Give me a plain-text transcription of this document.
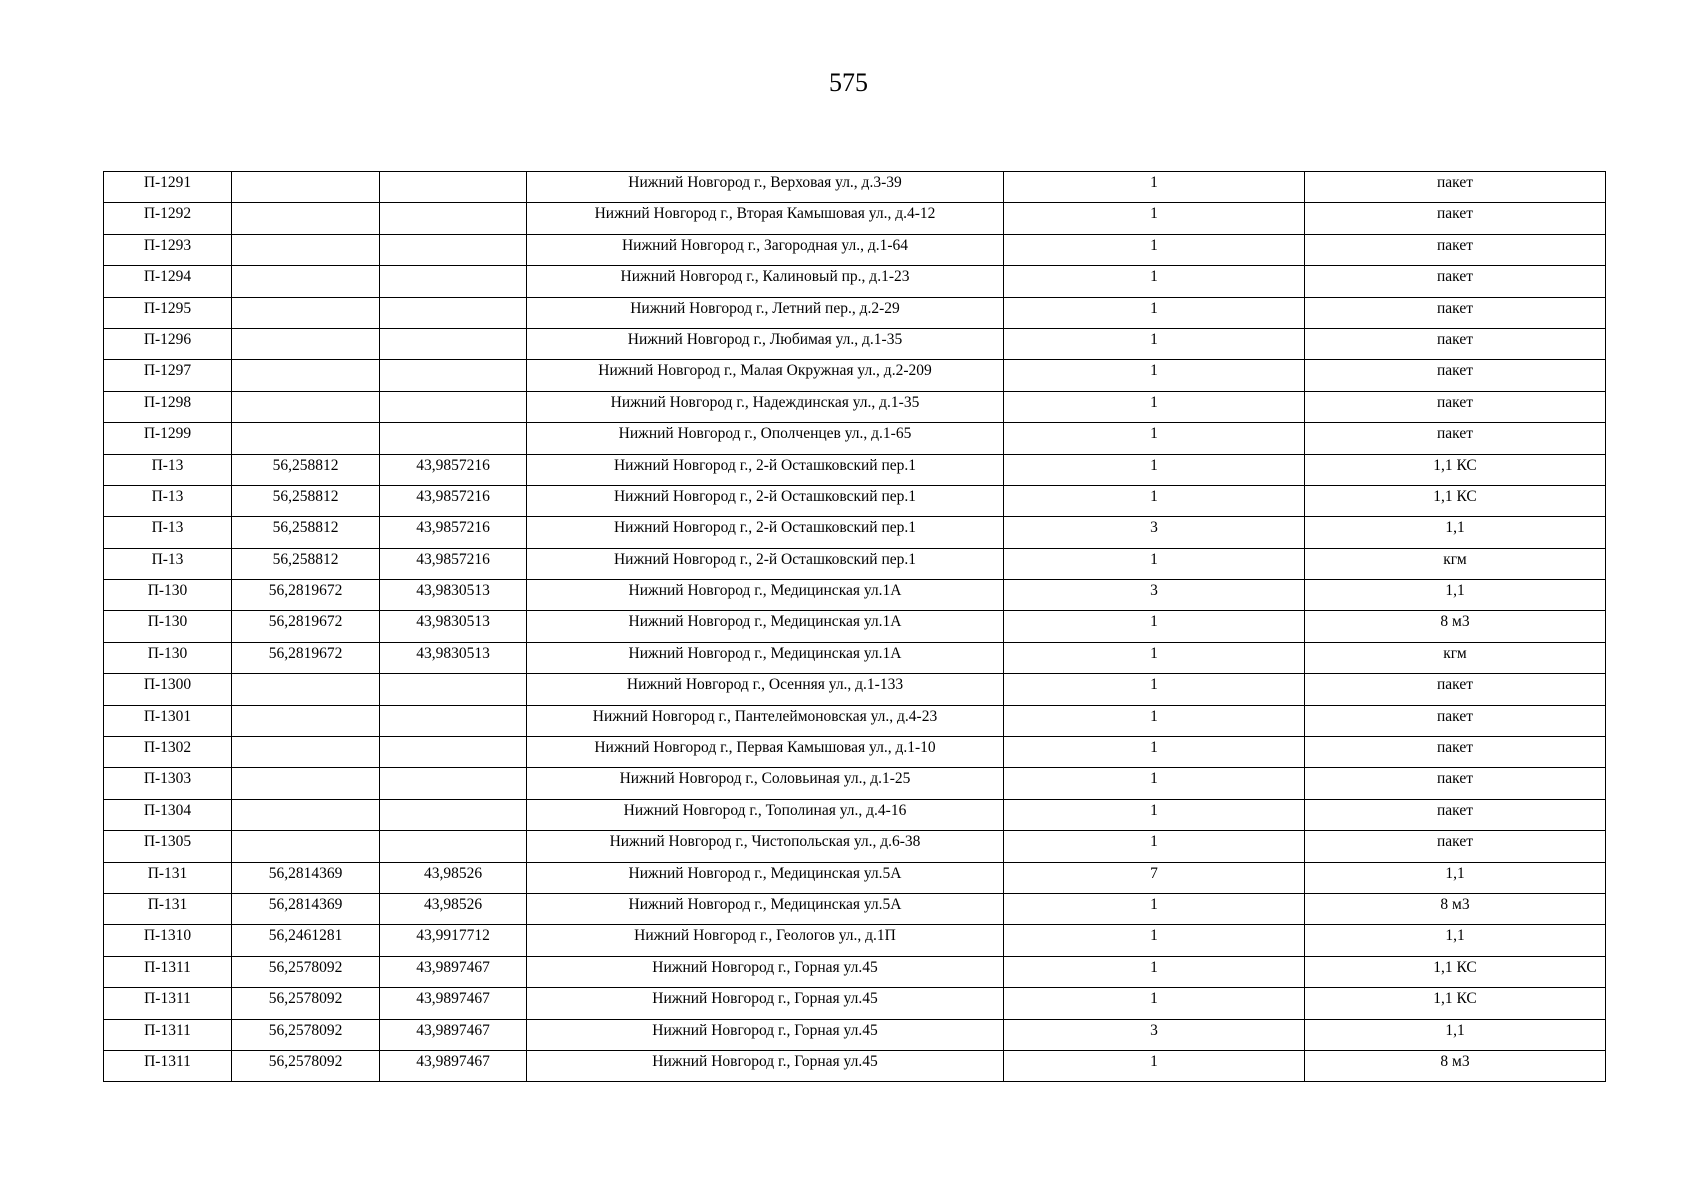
575
П-1291			Нижний Новгород г., Верховая ул., д.3-39	1	пакет

П-1292			Нижний Новгород г., Вторая Камышовая ул., д.4-12	1	пакет

П-1293			Нижний Новгород г., Загородная ул., д.1-64	1	пакет

П-1294			Нижний Новгород г., Калиновый пр., д.1-23	1	пакет

П-1295			Нижний Новгород г., Летний пер., д.2-29	1	пакет

П-1296			Нижний Новгород г., Любимая ул., д.1-35	1	пакет

П-1297			Нижний Новгород г., Малая Окружная ул., д.2-209	1	пакет

П-1298			Нижний Новгород г., Надеждинская ул., д.1-35	1	пакет

П-1299			Нижний Новгород г., Ополченцев ул., д.1-65	1	пакет

П-13	56,258812	43,9857216	Нижний Новгород г., 2-й Осташковский пер.1	1	1,1 КС

П-13	56,258812	43,9857216	Нижний Новгород г., 2-й Осташковский пер.1	1	1,1 КС

П-13	56,258812	43,9857216	Нижний Новгород г., 2-й Осташковский пер.1	3	1,1

П-13	56,258812	43,9857216	Нижний Новгород г., 2-й Осташковский пер.1	1	кгм

П-130	56,2819672	43,9830513	Нижний Новгород г., Медицинская ул.1А	3	1,1

П-130	56,2819672	43,9830513	Нижний Новгород г., Медицинская ул.1А	1	8 м3

П-130	56,2819672	43,9830513	Нижний Новгород г., Медицинская ул.1А	1	кгм

П-1300			Нижний Новгород г., Осенняя ул., д.1-133	1	пакет

П-1301			Нижний Новгород г., Пантелеймоновская ул., д.4-23	1	пакет

П-1302			Нижний Новгород г., Первая Камышовая ул., д.1-10	1	пакет

П-1303			Нижний Новгород г., Соловьиная ул., д.1-25	1	пакет

П-1304			Нижний Новгород г., Тополиная ул., д.4-16	1	пакет

П-1305			Нижний Новгород г., Чистопольская ул., д.6-38	1	пакет

П-131	56,2814369	43,98526	Нижний Новгород г., Медицинская ул.5А	7	1,1

П-131	56,2814369	43,98526	Нижний Новгород г., Медицинская ул.5А	1	8 м3

П-1310	56,2461281	43,9917712	Нижний Новгород г., Геологов ул., д.1П	1	1,1

П-1311	56,2578092	43,9897467	Нижний Новгород г., Горная ул.45	1	1,1 КС

П-1311	56,2578092	43,9897467	Нижний Новгород г., Горная ул.45	1	1,1 КС

П-1311	56,2578092	43,9897467	Нижний Новгород г., Горная ул.45	3	1,1

П-1311	56,2578092	43,9897467	Нижний Новгород г., Горная ул.45	1	8 м3
